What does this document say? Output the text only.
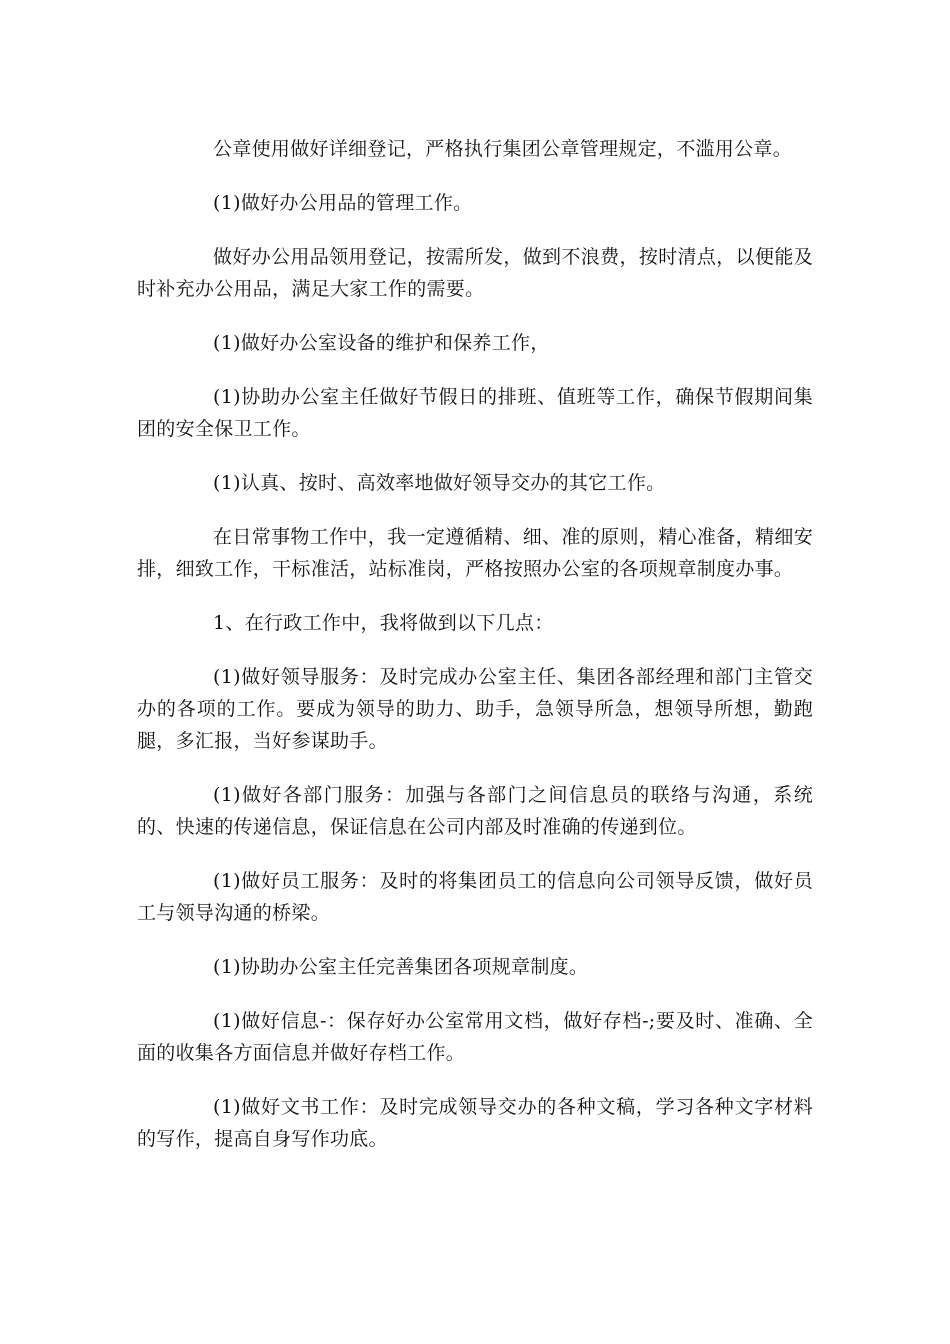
公章使用做好详细登记，严格执行集团公章管理规定，不滥用公章。

(1)做好办公用品的管理工作。

做好办公用品领用登记，按需所发，做到不浪费，按时清点，以便能及时补充办公用品，满足大家工作的需要。

(1)做好办公室设备的维护和保养工作，

(1)协助办公室主任做好节假日的排班、值班等工作，确保节假期间集团的安全保卫工作。

(1)认真、按时、高效率地做好领导交办的其它工作。

在日常事物工作中，我一定遵循精、细、准的原则，精心准备，精细安排，细致工作，干标准活，站标准岗，严格按照办公室的各项规章制度办事。

1、在行政工作中，我将做到以下几点：

(1)做好领导服务：及时完成办公室主任、集团各部经理和部门主管交办的各项的工作。要成为领导的助力、助手，急领导所急，想领导所想，勤跑腿，多汇报，当好参谋助手。

(1)做好各部门服务：加强与各部门之间信息员的联络与沟通，系统的、快速的传递信息，保证信息在公司内部及时准确的传递到位。

(1)做好员工服务：及时的将集团员工的信息向公司领导反馈，做好员工与领导沟通的桥梁。

(1)协助办公室主任完善集团各项规章制度。

(1)做好信息-：保存好办公室常用文档，做好存档-;要及时、准确、全面的收集各方面信息并做好存档工作。

(1)做好文书工作：及时完成领导交办的各种文稿，学习各种文字材料的写作，提高自身写作功底。
